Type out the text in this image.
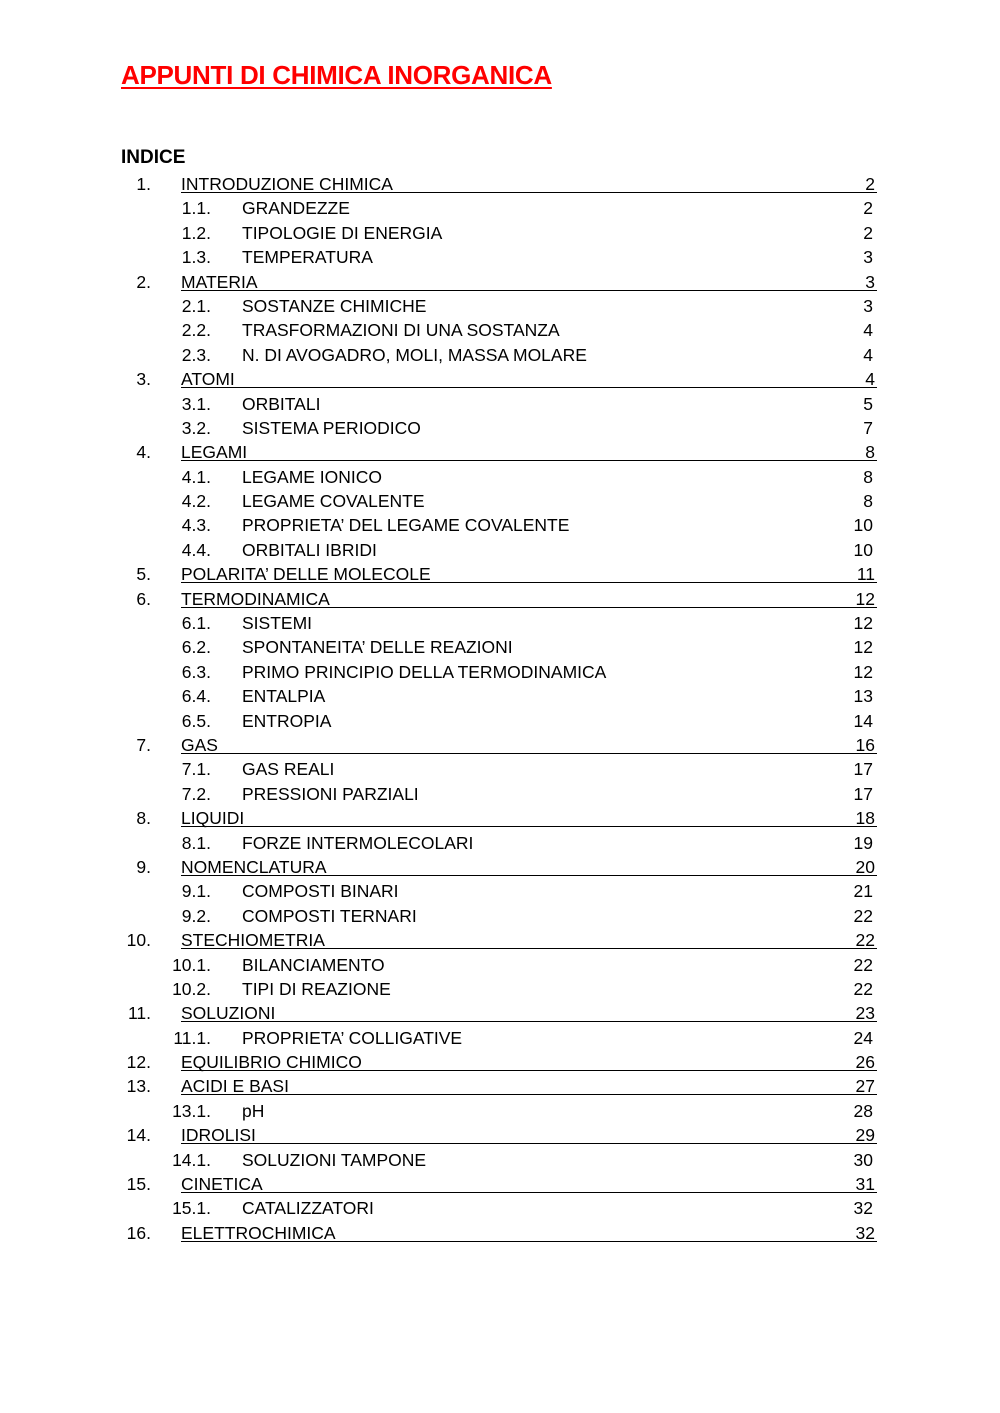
APPUNTI DI CHIMICA INORGANICA
INDICE
1. INTRODUZIONE CHIMICA	2
1.1. GRANDEZZE	2
1.2. TIPOLOGIE DI ENERGIA	2
1.3. TEMPERATURA	3
2. MATERIA	3
2.1. SOSTANZE CHIMICHE	3
2.2. TRASFORMAZIONI DI UNA SOSTANZA	4
2.3. N. DI AVOGADRO, MOLI, MASSA MOLARE	4
3. ATOMI	4
3.1. ORBITALI	5
3.2. SISTEMA PERIODICO	7
4. LEGAMI	8
4.1. LEGAME IONICO	8
4.2. LEGAME COVALENTE	8
4.3. PROPRIETA’ DEL LEGAME COVALENTE	10
4.4. ORBITALI IBRIDI	10
5. POLARITA’ DELLE MOLECOLE	11
6. TERMODINAMICA	12
6.1. SISTEMI	12
6.2. SPONTANEITA’ DELLE REAZIONI	12
6.3. PRIMO PRINCIPIO DELLA TERMODINAMICA	12
6.4. ENTALPIA	13
6.5. ENTROPIA	14
7. GAS	16
7.1. GAS REALI	17
7.2. PRESSIONI PARZIALI	17
8. LIQUIDI	18
8.1. FORZE INTERMOLECOLARI	19
9. NOMENCLATURA	20
9.1. COMPOSTI BINARI	21
9.2. COMPOSTI TERNARI	22
10. STECHIOMETRIA	22
10.1. BILANCIAMENTO	22
10.2. TIPI DI REAZIONE	22
11. SOLUZIONI	23
11.1. PROPRIETA’ COLLIGATIVE	24
12. EQUILIBRIO CHIMICO	26
13. ACIDI E BASI	27
13.1. pH	28
14. IDROLISI	29
14.1. SOLUZIONI TAMPONE	30
15. CINETICA	31
15.1. CATALIZZATORI	32
16. ELETTROCHIMICA	32
